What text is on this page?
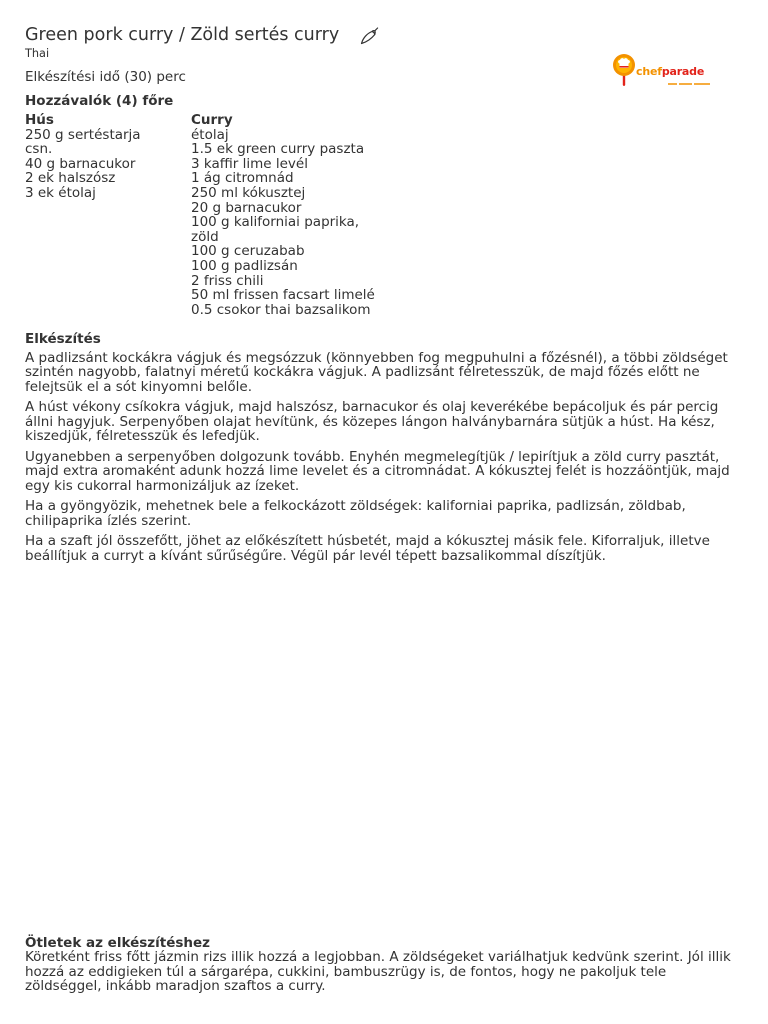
Green pork curry / Zöld sertés curry
Thai
chefparade
Elkészítési idő (30) perc
Hozzávalók (4) főre
Hús
250 g sertéstarja csn.
40 g barnacukor
2 ek halszósz
3 ek étolaj
Curry
étolaj
1.5 ek green curry paszta
3 kaffir lime levél
1 ág citromnád
250 ml kókusztej
20 g barnacukor
100 g kaliforniai paprika, zöld
100 g ceruzabab
100 g padlizsán
2 friss chili
50 ml frissen facsart limelé
0.5 csokor thai bazsalikom
Elkészítés

A padlizsánt kockákra vágjuk és megsózzuk (könnyebben fog megpuhulni a főzésnél), a többi zöldséget szintén nagyobb, falatnyi méretű kockákra vágjuk. A padlizsánt félretesszük, de majd főzés előtt ne felejtsük el a sót kinyomni belőle.

A húst vékony csíkokra vágjuk, majd halszósz, barnacukor és olaj keverékébe bepácoljuk és pár percig állni hagyjuk. Serpenyőben olajat hevítünk, és közepes lángon halványbarnára sütjük a húst. Ha kész, kiszedjük, félretesszük és lefedjük.

Ugyanebben a serpenyőben dolgozunk tovább. Enyhén megmelegítjük / lepirítjuk a zöld curry pasztát, majd extra aromaként adunk hozzá lime levelet és a citromnádat. A kókusztej felét is hozzáöntjük, majd egy kis cukorral harmonizáljuk az ízeket.

Ha a gyöngyözik, mehetnek bele a felkockázott zöldségek: kaliforniai paprika, padlizsán, zöldbab, chilipaprika ízlés szerint.

Ha a szaft jól összefőtt, jöhet az előkészített húsbetét, majd a kókusztej másik fele. Kiforraljuk, illetve beállítjuk a curryt a kívánt sűrűségűre. Végül pár levél tépett bazsalikommal díszítjük.

Ötletek az elkészítéshez

Köretként friss főtt jázmin rizs illik hozzá a legjobban. A zöldségeket variálhatjuk kedvünk szerint. Jól illik hozzá az eddigieken túl a sárgarépa, cukkini, bambuszrügy is, de fontos, hogy ne pakoljuk tele zöldséggel, inkább maradjon szaftos a curry.
